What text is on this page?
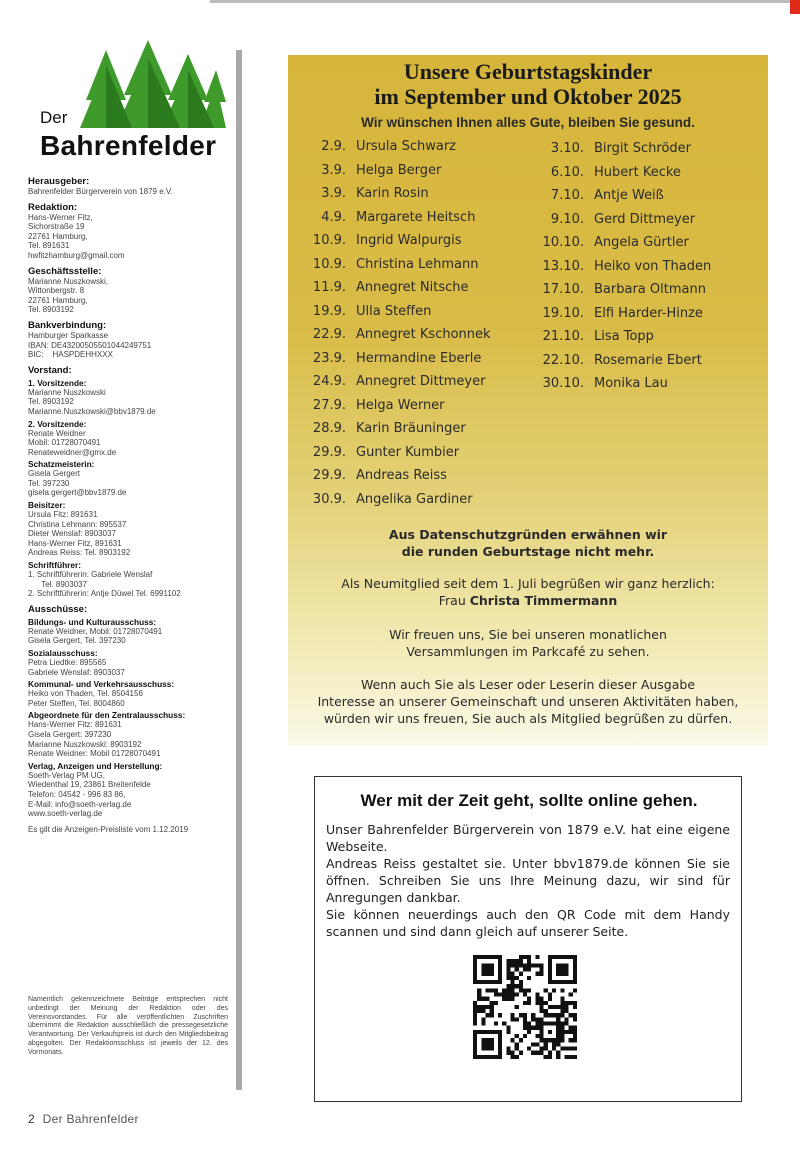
Der
Bahrenfelder
Herausgeber:

Bahrenfelder Bürgerverein von 1879 e.V.

Redaktion:

Hans-Werner Fitz,
Sichorstraße 19
22761 Hamburg,
Tel. 891631
hwfitzhamburg@gmail.com

Geschäftsstelle:

Marianne Nuszkowski,
Wittonbergstr. 8
22761 Hamburg,
Tel. 8903192

Bankverbindung:

Hamburger Sparkasse
IBAN: DE43200505501044249751
BIC:    HASPDEHHXXX

Vorstand:
1. Vorsitzende:

Marianne Nuszkowski
Tel. 8903192
Marianne.Nuszkowski@bbv1879.de

2. Vorsitzende:

Renate Weidner
Mobil: 01728070491
Renateweidner@gmx.de

Schatzmeisterin:

Gisela Gergert
Tel. 397230
gisela.gergert@bbv1879.de

Beisitzer:

Ursula Fitz: 891631
Christina Lehmann: 895537
Dieter Wenslaf: 8903037
Hans-Werner Fitz, 891631
Andreas Reiss: Tel. 8903192

Schriftführer:

1. Schriftführerin: Gabriele Wenslaf
Tel. 8903037
2. Schriftführerin: Antje Düwel Tel. 6991102

Ausschüsse:
Bildungs- und Kulturausschuss:

Renate Weidner, Mobil: 01728070491
Gisela Gergert, Tel. 397230

Sozialausschuss:

Petra Liedtke: 895565
Gabriele Wenslaf: 8903037

Kommunal- und Verkehrsausschuss:

Heiko von Thaden, Tel. 8504156
Peter Steffen, Tel. 8004860

Abgeordnete für den Zentralausschuss:

Hans-Werner Fitz: 891631
Gisela Gergert: 397230
Marianne Nuszkowski: 8903192
Renate Weidner: Mobil 01728070491

Verlag, Anzeigen und Herstellung:

Soeth-Verlag PM UG,
Wiedenthal 19, 23861 Breitenfelde
Telefon: 04542 - 996 83 86,
E-Mail: info@soeth-verlag.de
www.soeth-verlag.de

Es gilt die Anzeigen-Preisliste vom 1.12.2019
Namentlich gekennzeichnete Beiträge entsprechen nicht unbedingt der Meinung der Redaktion oder des Vereinsvorstandes. Für alle veröffentlichten Zuschriften übernimmt die Redaktion ausschließlich die pressegesetzliche Verantwortung. Der Verkaufspreis ist durch den Mitgliedsbeitrag abgegolten. Der Redaktionsschluss ist jeweils der 12. des Vormonats.
2 Der Bahrenfelder
Unsere Geburtstagskinder
im September und Oktober 2025
Wir wünschen Ihnen alles Gute, bleiben Sie gesund.
2.9. Ursula Schwarz
3.9. Helga Berger
3.9. Karin Rosin
4.9. Margarete Heitsch
10.9. Ingrid Walpurgis
10.9. Christina Lehmann
11.9. Annegret Nitsche
19.9. Ulla Steffen
22.9. Annegret Kschonnek
23.9. Hermandine Eberle
24.9. Annegret Dittmeyer
27.9. Helga Werner
28.9. Karin Bräuninger
29.9. Gunter Kumbier
29.9. Andreas Reiss
30.9. Angelika Gardiner
3.10. Birgit Schröder
6.10. Hubert Kecke
7.10. Antje Weiß
9.10. Gerd Dittmeyer
10.10. Angela Gürtler
13.10. Heiko von Thaden
17.10. Barbara Oltmann
19.10. Elfi Harder-Hinze
21.10. Lisa Topp
22.10. Rosemarie Ebert
30.10. Monika Lau
Aus Datenschutzgründen erwähnen wir
die runden Geburtstage nicht mehr.
Als Neumitglied seit dem 1. Juli begrüßen wir ganz herzlich:
Frau Christa Timmermann
Wir freuen uns, Sie bei unseren monatlichen
Versammlungen im Parkcafé zu sehen.
Wenn auch Sie als Leser oder Leserin dieser Ausgabe
Interesse an unserer Gemeinschaft und unseren Aktivitäten haben,
würden wir uns freuen, Sie auch als Mitglied begrüßen zu dürfen.
Wer mit der Zeit geht, sollte online gehen.

Unser Bahrenfelder Bürgerverein von 1879 e.V. hat eine eigene Webseite.

Andreas Reiss gestaltet sie. Unter bbv1879.de können Sie sie öffnen. Schreiben Sie uns Ihre Meinung dazu, wir sind für Anregungen dankbar.

Sie können neuerdings auch den QR Code mit dem Handy scannen und sind dann gleich auf unserer Seite.
